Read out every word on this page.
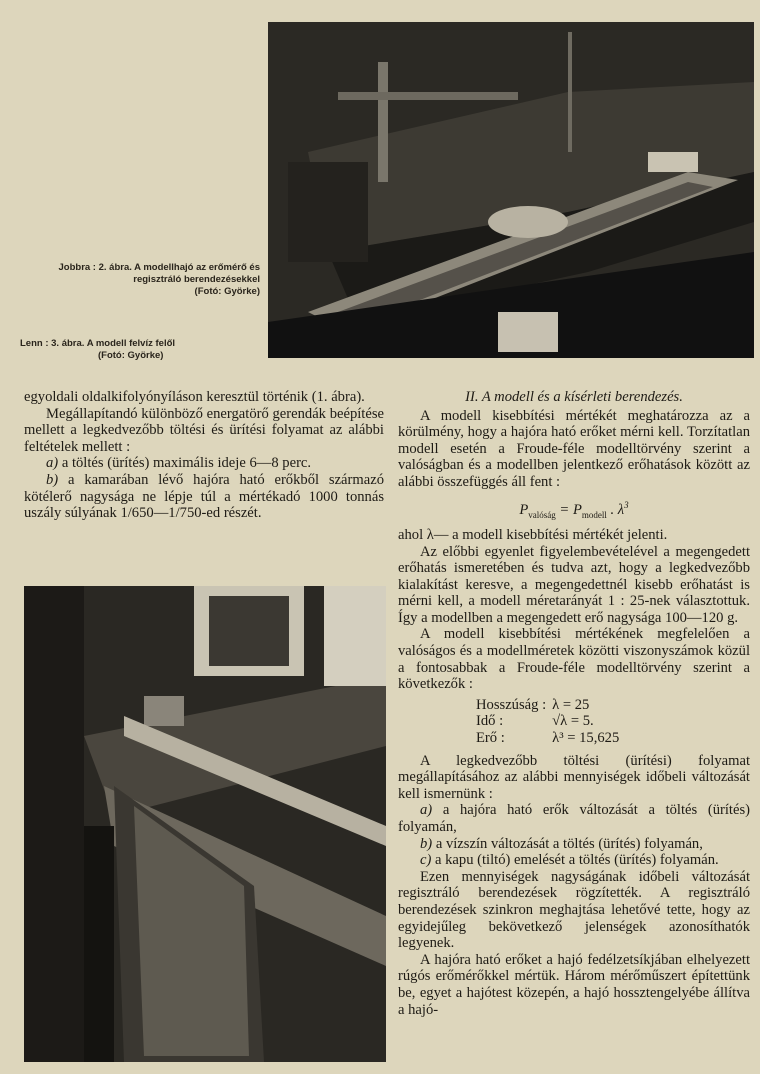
Jobbra : 2. ábra. A modellhajó az erőmérő és
regisztráló berendezésekkel
(Fotó: Györke)
Lenn : 3. ábra. A modell felvíz felől
(Fotó: Györke)

egyoldali oldalkifolyónyíláson keresztül történik (1. ábra).

Megállapítandó különböző energatörő gerendák beépítése mellett a legkedvezőbb töltési és ürítési folyamat az alábbi feltételek mellett :

a) a töltés (ürítés) maximális ideje 6—8 perc.

b) a kamarában lévő hajóra ható erőkből származó kötélerő nagysága ne lépje túl a mértékadó 1000 tonnás uszály súlyának 1/650—1/750-ed részét.

II. A modell és a kísérleti berendezés.

A modell kisebbítési mértékét meghatározza az a körülmény, hogy a hajóra ható erőket mérni kell. Torzítatlan modell esetén a Froude-féle modelltörvény szerint a valóságban és a modellben jelentkező erőhatások között az alábbi összefüggés áll fent :

$P_{valóság} = P_{modell}$ . $\lambda^3$

ahol λ— a modell kisebbítési mértékét jelenti.

Az előbbi egyenlet figyelembevételével a megengedett erőhatás ismeretében és tudva azt, hogy a legkedvezőbb kialakítást keresve, a megengedettnél kisebb erőhatást is mérni kell, a modell méretarányát 1 : 25-nek választottuk. Így a modellben a megengedett erő nagysága 100—120 g.

A modell kisebbítési mértékének megfelelően a valóságos és a modellméretek közötti viszonyszámok közül a fontosabbak a Froude-féle modelltörvény szerint a következők :

Hosszúság :	λ = 25
Idő :	√λ = 5.
Erő :	λ³ = 15,625

A legkedvezőbb töltési (ürítési) folyamat megállapításához az alábbi mennyiségek időbeli változását kell ismernünk :

a) a hajóra ható erők változását a töltés (ürítés) folyamán,

b) a vízszín változását a töltés (ürítés) folyamán,

c) a kapu (tiltó) emelését a töltés (ürítés) folyamán.

Ezen mennyiségek nagyságának időbeli változását regisztráló berendezések rögzítették. A regisztráló berendezések szinkron meghajtása lehetővé tette, hogy az egyidejűleg bekövetkező jelenségek azonosíthatók legyenek.

A hajóra ható erőket a hajó fedélzetsíkjában elhelyezett rúgós erőmérőkkel mértük. Három mérőműszert építettünk be, egyet a hajótest közepén, a hajó hossztengelyébe állítva a hajó-
